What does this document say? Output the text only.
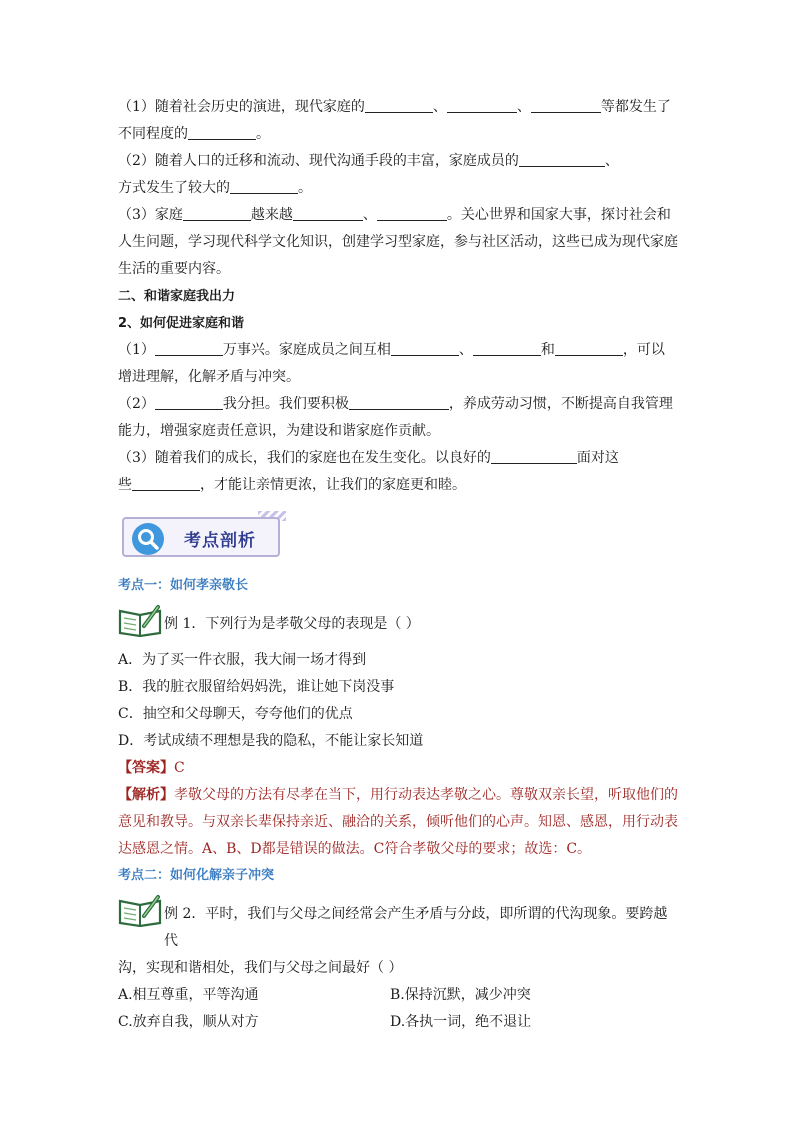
（1）随着社会历史的演进，现代家庭的	、	、	等都发生了

不同程度的	。

（2）随着人口的迁移和流动、现代沟通手段的丰富，家庭成员的	、

方式发生了较大的	。

（3）家庭	越来越	、	。关心世界和国家大事，探讨社会和

人生问题，学习现代科学文化知识，创建学习型家庭，参与社区活动，这些已成为现代家庭

生活的重要内容。

二、和谐家庭我出力

2、如何促进家庭和谐

（1）	万事兴。家庭成员之间互相	、	和	，可以

增进理解，化解矛盾与冲突。

（2）	我分担。我们要积极	，养成劳动习惯，不断提高自我管理

能力，增强家庭责任意识，为建设和谐家庭作贡献。

（3）随着我们的成长，我们的家庭也在发生变化。以良好的	面对这

些	，才能让亲情更浓，让我们的家庭更和睦。

考点剖析

考点一：如何孝亲敬长

例 1．下列行为是孝敬父母的表现是（ ）

A．为了买一件衣服，我大闹一场才得到

B．我的脏衣服留给妈妈洗，谁让她下岗没事

C．抽空和父母聊天，夸夸他们的优点

D．考试成绩不理想是我的隐私，不能让家长知道

【答案】C

【解析】孝敬父母的方法有尽孝在当下，用行动表达孝敬之心。尊敬双亲长望，听取他们的

意见和教导。与双亲长辈保持亲近、融洽的关系，倾听他们的心声。知恩、感恩，用行动表

达感恩之情。A、B、D都是错误的做法。C符合孝敬父母的要求；故选：C。

考点二：如何化解亲子冲突

例 2．平时，我们与父母之间经常会产生矛盾与分歧，即所谓的代沟现象。要跨越代

沟，实现和谐相处，我们与父母之间最好（ ）

A.相互尊重，平等沟通	B.保持沉默，减少冲突

C.放弃自我，顺从对方	D.各执一词，绝不退让
